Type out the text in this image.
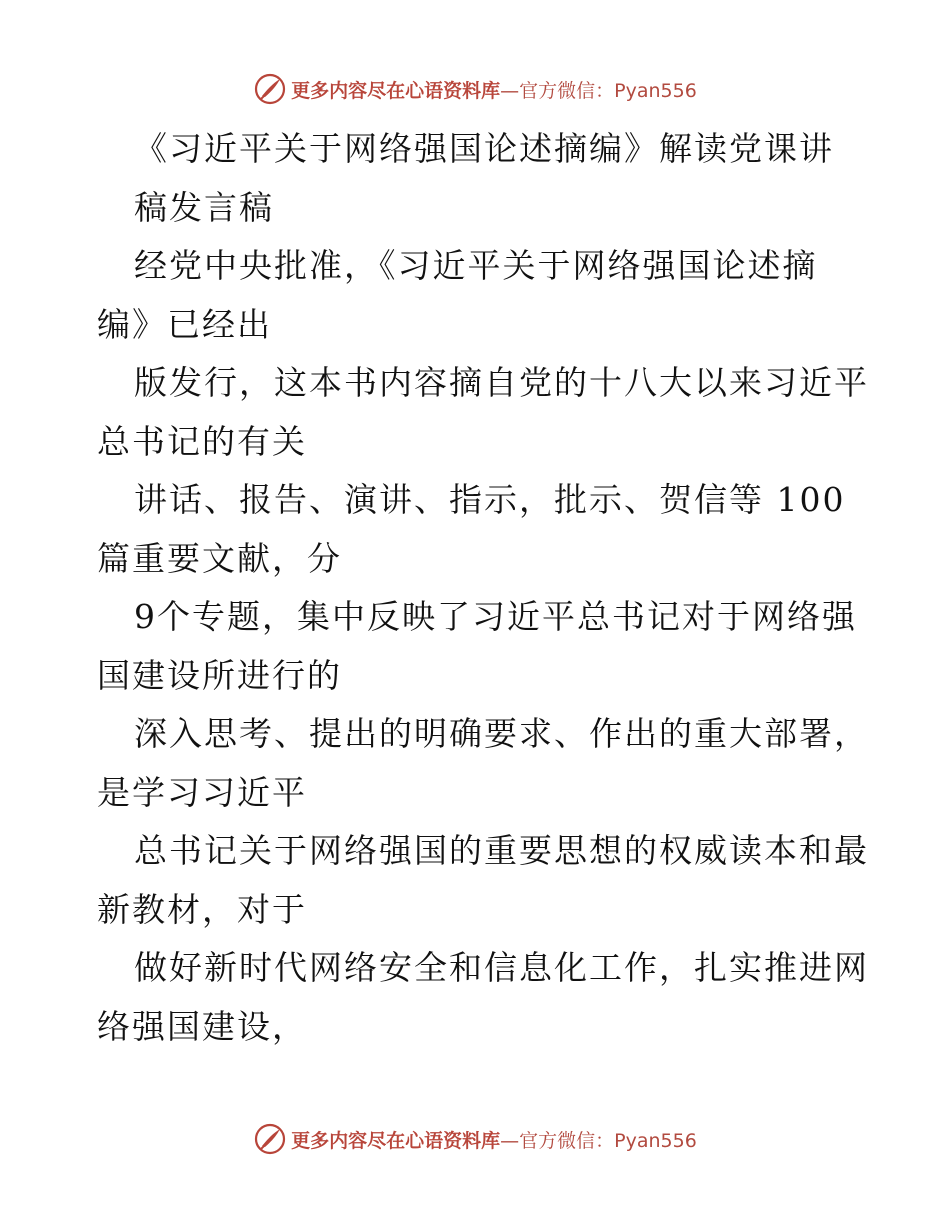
更多内容尽在心语资料库—官方微信：Pyan556
《习近平关于网络强国论述摘编》解读党课讲
稿发言稿
经党中央批准，《习近平关于网络强国论述摘
编》已经出
版发行，这本书内容摘自党的十八大以来习近平
总书记的有关
讲话、报告、演讲、指示，批示、贺信等 100
篇重要文献，分
9个专题，集中反映了习近平总书记对于网络强
国建设所进行的
深入思考、提出的明确要求、作出的重大部署，
是学习习近平
总书记关于网络强国的重要思想的权威读本和最
新教材，对于
做好新时代网络安全和信息化工作，扎实推进网
络强国建设，
更多内容尽在心语资料库—官方微信：Pyan556
